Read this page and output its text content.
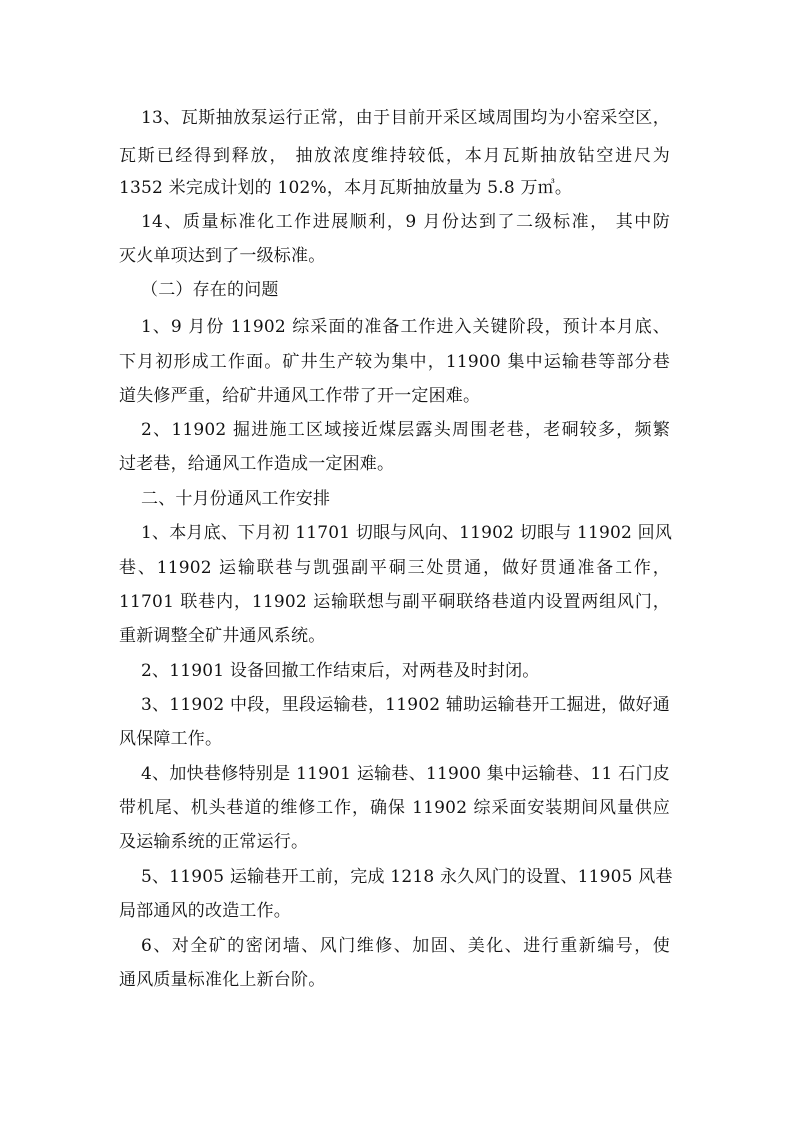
13、瓦斯抽放泵运行正常，由于目前开采区域周围均为小窑采空区，
瓦斯已经得到释放， 抽放浓度维持较低，本月瓦斯抽放钻空进尺为
1352 米完成计划的 102%，本月瓦斯抽放量为 5.8 万㎥。
14、质量标准化工作进展顺利，9 月份达到了二级标准， 其中防
灭火单项达到了一级标准。
（二）存在的问题
1、9 月份 11902 综采面的准备工作进入关键阶段，预计本月底、
下月初形成工作面。矿井生产较为集中，11900 集中运输巷等部分巷
道失修严重，给矿井通风工作带了开一定困难。
2、11902 掘进施工区域接近煤层露头周围老巷，老硐较多，频繁
过老巷，给通风工作造成一定困难。
二、十月份通风工作安排
1、本月底、下月初 11701 切眼与风向、11902 切眼与 11902 回风
巷、11902 运输联巷与凯强副平硐三处贯通，做好贯通准备工作，
11701 联巷内，11902 运输联想与副平硐联络巷道内设置两组风门，
重新调整全矿井通风系统。
2、11901 设备回撤工作结束后，对两巷及时封闭。
3、11902 中段，里段运输巷，11902 辅助运输巷开工掘进，做好通
风保障工作。
4、加快巷修特别是 11901 运输巷、11900 集中运输巷、11 石门皮
带机尾、机头巷道的维修工作，确保 11902 综采面安装期间风量供应
及运输系统的正常运行。
5、11905 运输巷开工前，完成 1218 永久风门的设置、11905 风巷
局部通风的改造工作。
6、对全矿的密闭墙、风门维修、加固、美化、进行重新编号，使
通风质量标准化上新台阶。
